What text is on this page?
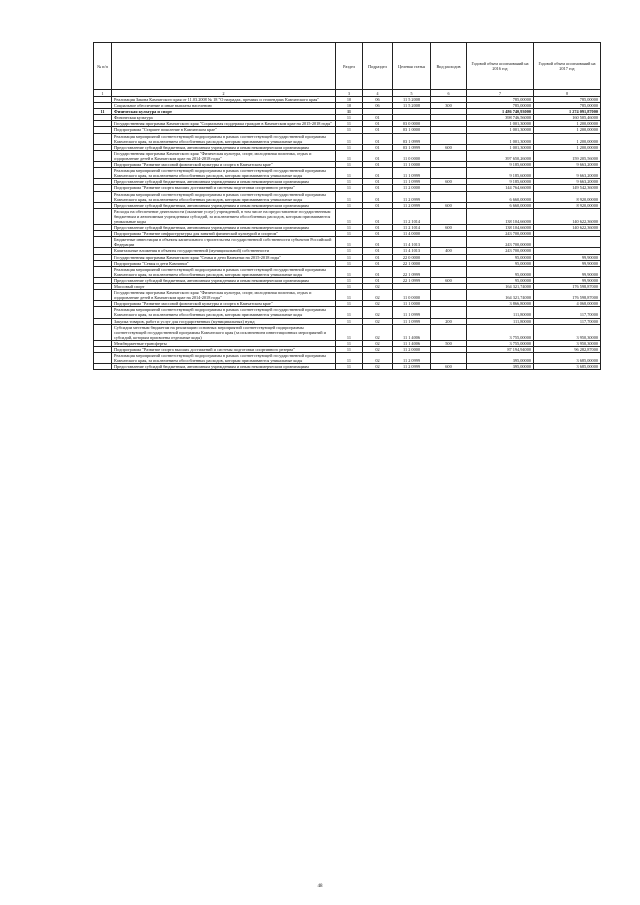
№ п/п		Раздел	Подраздел	Целевая статья	Вид расходов	Годовой объем ассигнований на 2016 год	Годовой объем ассигнований на 2017 год
1	2	3	4	5	6	7	8
	Реализация Закона Камчатского края от 11.03.2008 № 18 "О наградах, премиях и стипендиях Камчатского края"	10	06	11 5 2008		785,00000	785,00000
	Социальное обеспечение и иные выплаты населению	10	06	11 5 2008	300	785,00000	785,00000
11	Физическая культура и спорт	11				1 486 740,93000	1 274 091,87000
	Физическая культура	11	01			398 746,56000	160 505,46000
	Государственная программа Камчатского края "Социальная поддержка граждан в Камчатском крае на 2015-2018 годы"	11	01	03 0 0000		1 001,30000	1 200,00000
	Подпрограмма "Старшее поколение в Камчатском крае"	11	01	03 1 0000		1 001,30000	1 200,00000
	Реализация мероприятий соответствующей подпрограммы в рамках соответствующей государственной программы Камчатского края, за исключением обособленных расходов, которым присваиваются уникальные коды	11	01	03 1 0999		1 001,30000	1 200,00000
	Предоставление субсидий бюджетным, автономным учреждениям и иным некоммерческим организациям	11	01	03 1 0999	600	1 001,30000	1 200,00000
	Государственная программа Камчатского края "Физическая культура, спорт, молодежная политика, отдых и оздоровление детей в Камчатском крае на 2014-2018 годы"	11	01	11 0 0000		397 650,26000	159 205,56000
	Подпрограмма "Развитие массовой физической культуры и спорта в Камчатском крае"	11	01	11 1 0000		9 185,60000	9 663,20000
	Реализация мероприятий соответствующей подпрограммы в рамках соответствующей государственной программы Камчатского края, за исключением обособленных расходов, которым присваиваются уникальные коды	11	01	11 1 0999		9 185,60000	9 663,20000
	Предоставление субсидий бюджетным, автономным учреждениям и иным некоммерческим организациям	11	01	11 1 0999	600	9 185,60000	9 663,20000
	Подпрограмма "Развитие спорта высших достижений и системы подготовки спортивного резерва"	11	01	11 2 0000		144 764,66000	149 542,36000
	Реализация мероприятий соответствующей подпрограммы в рамках соответствующей государственной программы Камчатского края, за исключением обособленных расходов, которым присваиваются уникальные коды	11	01	11 2 0999		6 660,00000	8 920,00000
	Предоставление субсидий бюджетным, автономным учреждениям и иным некоммерческим организациям	11	01	11 2 0999	600	6 660,00000	8 920,00000
	Расходы на обеспечение деятельности (оказание услуг) учреждений, в том числе на предоставление государственным бюджетным и автономным учреждениям субсидий, за исключением обособленных расходов, которым присваиваются уникальные коды	11	01	11 2 1014		138 104,66000	140 622,36000
	Предоставление субсидий бюджетным, автономным учреждениям и иным некоммерческим организациям	11	01	11 2 1014	600	138 104,66000	140 622,36000
	Подпрограмма "Развитие инфраструктуры для занятий физической культурой и спортом"	11	01	11 4 0000		243 700,00000	
	Бюджетные инвестиции в объекты капитального строительства государственной собственности субъектов Российской Федерации	11	01	11 4 1013		243 700,00000	
	Капитальные вложения в объекты государственной (муниципальной) собственности	11	01	11 4 1013	400	243 700,00000	
	Государственная программа Камчатского края "Семья и дети Камчатки на 2015-2018 годы"	11	01	22 0 0000		95,00000	99,90000
	Подпрограмма "Семья и дети Камчатки"	11	01	22 1 0000		95,00000	99,90000
	Реализация мероприятий соответствующей подпрограммы в рамках соответствующей государственной программы Камчатского края, за исключением обособленных расходов, которым присваиваются уникальные коды	11	01	22 1 0999		95,00000	99,90000
	Предоставление субсидий бюджетным, автономным учреждениям и иным некоммерческим организациям	11	01	22 1 0999	600	95,00000	99,90000
	Массовый спорт	11	02			164 321,74000	176 598,87000
	Государственная программа Камчатского края "Физическая культура, спорт, молодежная политика, отдых и оздоровление детей в Камчатском крае на 2014-2018 годы"	11	02	11 0 0000		164 321,74000	176 598,87000
	Подпрограмма "Развитие массовой физической культуры и спорта в Камчатском крае"	11	02	11 1 0000		3 866,80000	4 068,00000
	Реализация мероприятий соответствующей подпрограммы в рамках соответствующей государственной программы Камчатского края, за исключением обособленных расходов, которым присваиваются уникальные коды	11	02	11 1 0999		111,80000	117,70000
	Закупка товаров, работ и услуг для государственных (муниципальных) нужд	11	02	11 1 0999	200	111,80000	117,70000
	Субсидии местным бюджетам на реализацию основных мероприятий соответствующей подпрограммы соответствующей государственной программы Камчатского края (за исключением инвестиционных мероприятий и субсидий, которым присвоены отдельные коды)	11	02	11 1 4006		3 755,00000	3 950,30000
	Межбюджетные трансферты	11	02	11 1 4006	500	3 755,00000	3 950,30000
	Подпрограмма "Развитие спорта высших достижений и системы подготовки спортивного резерва"	11	02	11 2 0000		87 194,94000	96 282,87000
	Реализация мероприятий соответствующей подпрограммы в рамках соответствующей государственной программы Камчатского края, за исключением обособленных расходов, которым присваиваются уникальные коды	11	02	11 2 0999		395,00000	3 685,00000
	Предоставление субсидий бюджетным, автономным учреждениям и иным некоммерческим организациям	11	02	11 2 0999	600	395,00000	3 685,00000
48
